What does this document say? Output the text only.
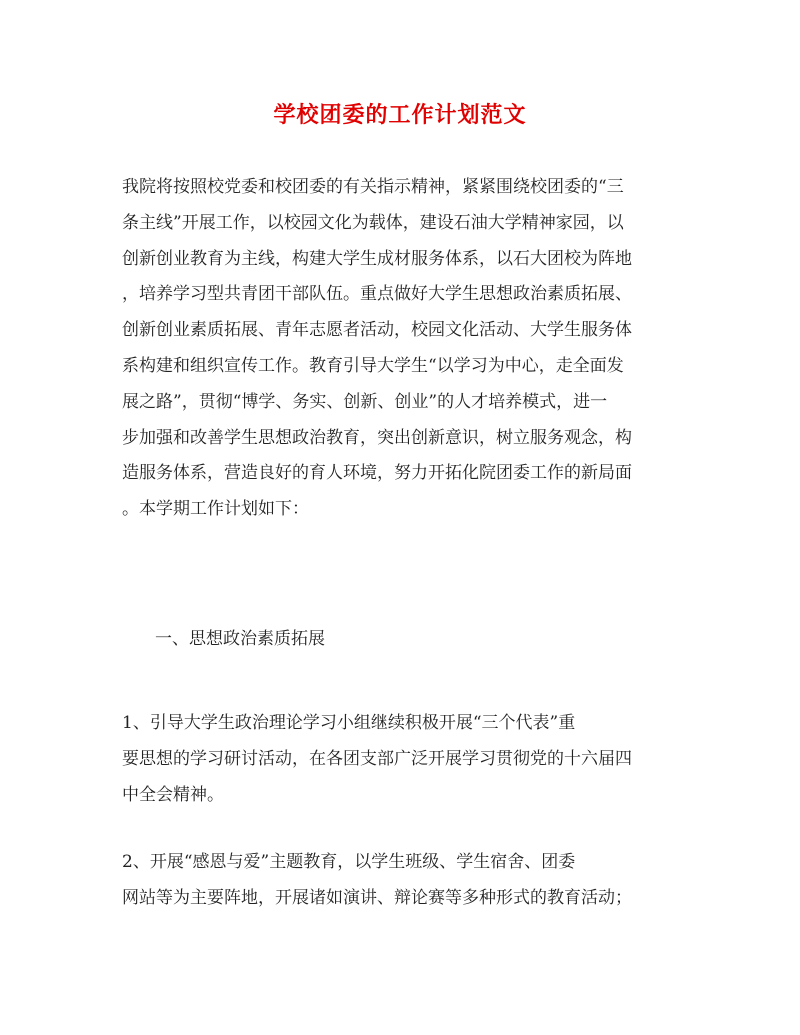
学校团委的工作计划范文

我院将按照校党委和校团委的有关指示精神，紧紧围绕校团委的“三
条主线”开展工作，以校园文化为载体，建设石油大学精神家园，以
创新创业教育为主线，构建大学生成材服务体系，以石大团校为阵地
，培养学习型共青团干部队伍。重点做好大学生思想政治素质拓展、
创新创业素质拓展、青年志愿者活动，校园文化活动、大学生服务体
系构建和组织宣传工作。教育引导大学生“以学习为中心，走全面发
展之路”，贯彻“博学、务实、创新、创业”的人才培养模式，进一
步加强和改善学生思想政治教育，突出创新意识，树立服务观念，构
造服务体系，营造良好的育人环境，努力开拓化院团委工作的新局面
。本学期工作计划如下：

一、思想政治素质拓展

1、引导大学生政治理论学习小组继续积极开展“三个代表”重
要思想的学习研讨活动，在各团支部广泛开展学习贯彻党的十六届四
中全会精神。

2、开展“感恩与爱”主题教育，以学生班级、学生宿舍、团委
网站等为主要阵地，开展诸如演讲、辩论赛等多种形式的教育活动；
